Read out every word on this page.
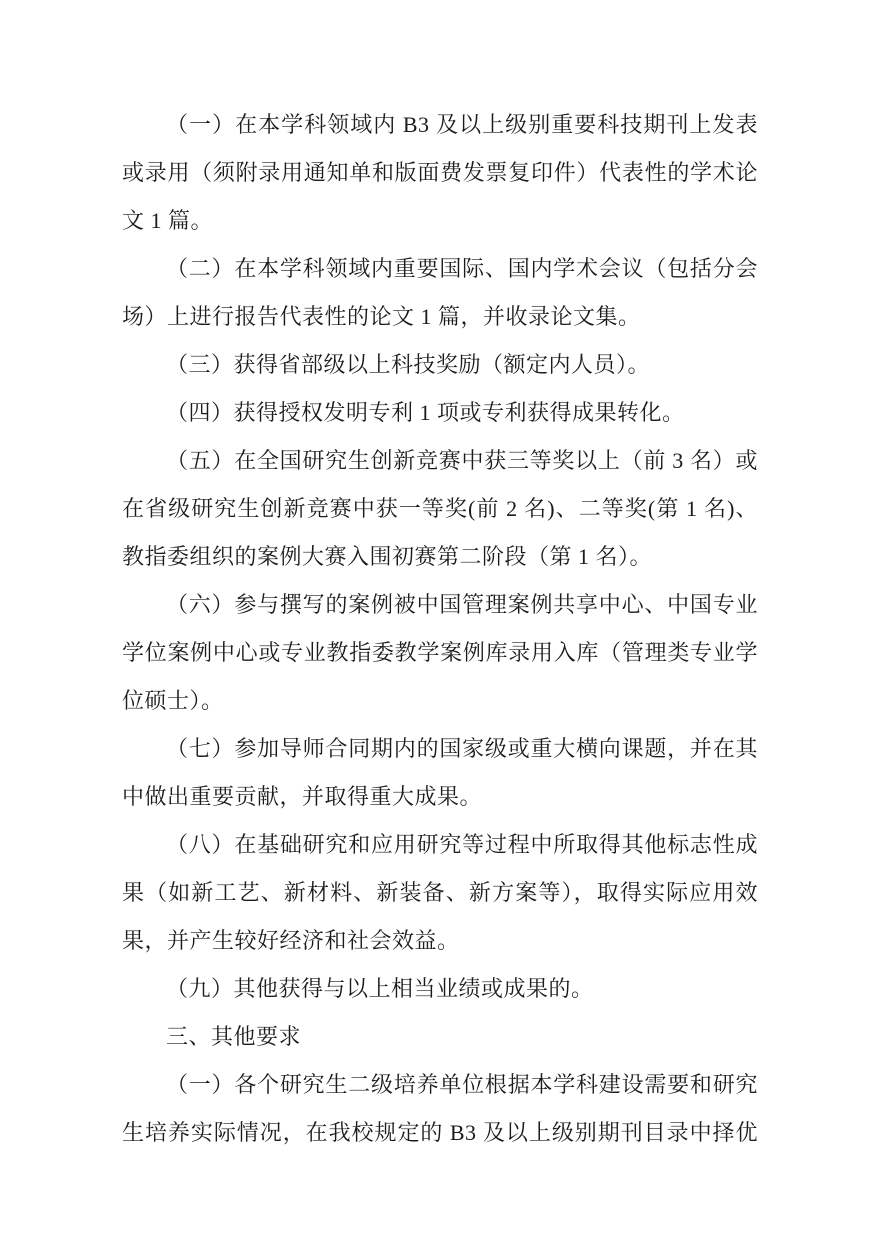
（一）在本学科领域内 B3 及以上级别重要科技期刊上发表
或录用（须附录用通知单和版面费发票复印件）代表性的学术论
文 1 篇。
（二）在本学科领域内重要国际、国内学术会议（包括分会
场）上进行报告代表性的论文 1 篇，并收录论文集。
（三）获得省部级以上科技奖励（额定内人员）。
（四）获得授权发明专利 1 项或专利获得成果转化。
（五）在全国研究生创新竞赛中获三等奖以上（前 3 名）或
在省级研究生创新竞赛中获一等奖(前 2 名)、二等奖(第 1 名)、
教指委组织的案例大赛入围初赛第二阶段（第 1 名）。
（六）参与撰写的案例被中国管理案例共享中心、中国专业
学位案例中心或专业教指委教学案例库录用入库（管理类专业学
位硕士）。
（七）参加导师合同期内的国家级或重大横向课题，并在其
中做出重要贡献，并取得重大成果。
（八）在基础研究和应用研究等过程中所取得其他标志性成
果（如新工艺、新材料、新装备、新方案等），取得实际应用效
果，并产生较好经济和社会效益。
（九）其他获得与以上相当业绩或成果的。
三、其他要求
（一）各个研究生二级培养单位根据本学科建设需要和研究
生培养实际情况，在我校规定的 B3 及以上级别期刊目录中择优
